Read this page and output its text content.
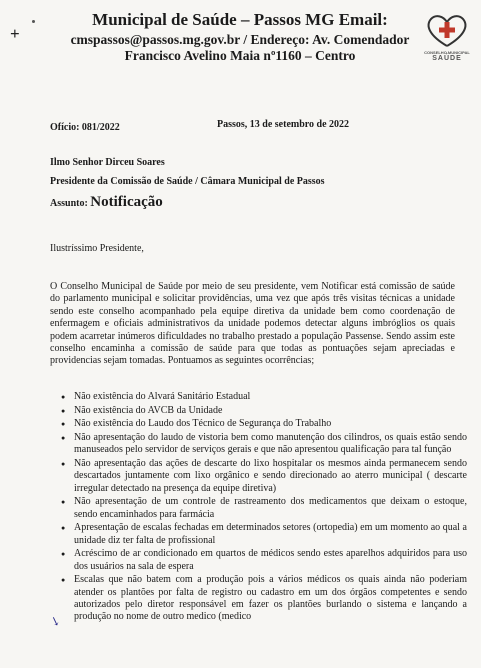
+
Municipal de Saúde – Passos MG Email:
cmspassos@passos.mg.gov.br / Endereço: Av. Comendador
Francisco Avelino Maia nº1160 – Centro	CONSELHO MUNICIPAL
SAÚDE
Ofício: 081/2022	Passos, 13 de setembro de 2022
Ilmo Senhor Dirceu Soares
Presidente da Comissão de Saúde / Câmara Municipal de Passos
Assunto: Notificação
Ilustríssimo Presidente,
O Conselho Municipal de Saúde por meio de seu presidente, vem Notificar está comissão de saúde do parlamento municipal e solicitar providências, uma vez que após três visitas técnicas a unidade sendo este conselho acompanhado pela equipe diretiva da unidade bem como coordenação de enfermagem e oficiais administrativos da unidade podemos detectar alguns imbróglios os quais podem acarretar inúmeros dificuldades no trabalho prestado a população Passense. Sendo assim este conselho encaminha a comissão de saúde para que todas as pontuações sejam apreciadas e providencias sejam tomadas. Pontuamos as seguintes ocorrências;
● Não existência do Alvará Sanitário Estadual
● Não existência do AVCB da Unidade
● Não existência do Laudo dos Técnico de Segurança do Trabalho
● Não apresentação do laudo de vistoria bem como manutenção dos cilindros, os quais estão sendo manuseados pelo servidor de serviços gerais e que não apresentou qualificação para tal função
● Não apresentação das ações de descarte do lixo hospitalar os mesmos ainda permanecem sendo descartados juntamente com lixo orgânico e sendo direcionado ao aterro municipal ( descarte irregular detectado na presença da equipe diretiva)
● Não apresentação de um controle de rastreamento dos medicamentos que deixam o estoque, sendo encaminhados para farmácia
● Apresentação de escalas fechadas em determinados setores (ortopedia) em um momento ao qual a unidade diz ter falta de profissional
● Acréscimo de ar condicionado em quartos de médicos sendo estes aparelhos adquiridos para uso dos usuários na sala de espera
● Escalas que não batem com a produção pois a vários médicos os quais ainda não poderiam atender os plantões por falta de registro ou cadastro em um dos órgãos competentes e sendo autorizados pelo diretor responsável em fazer os plantões burlando o sistema e lançando a produção no nome de outro medico (medico
↘
